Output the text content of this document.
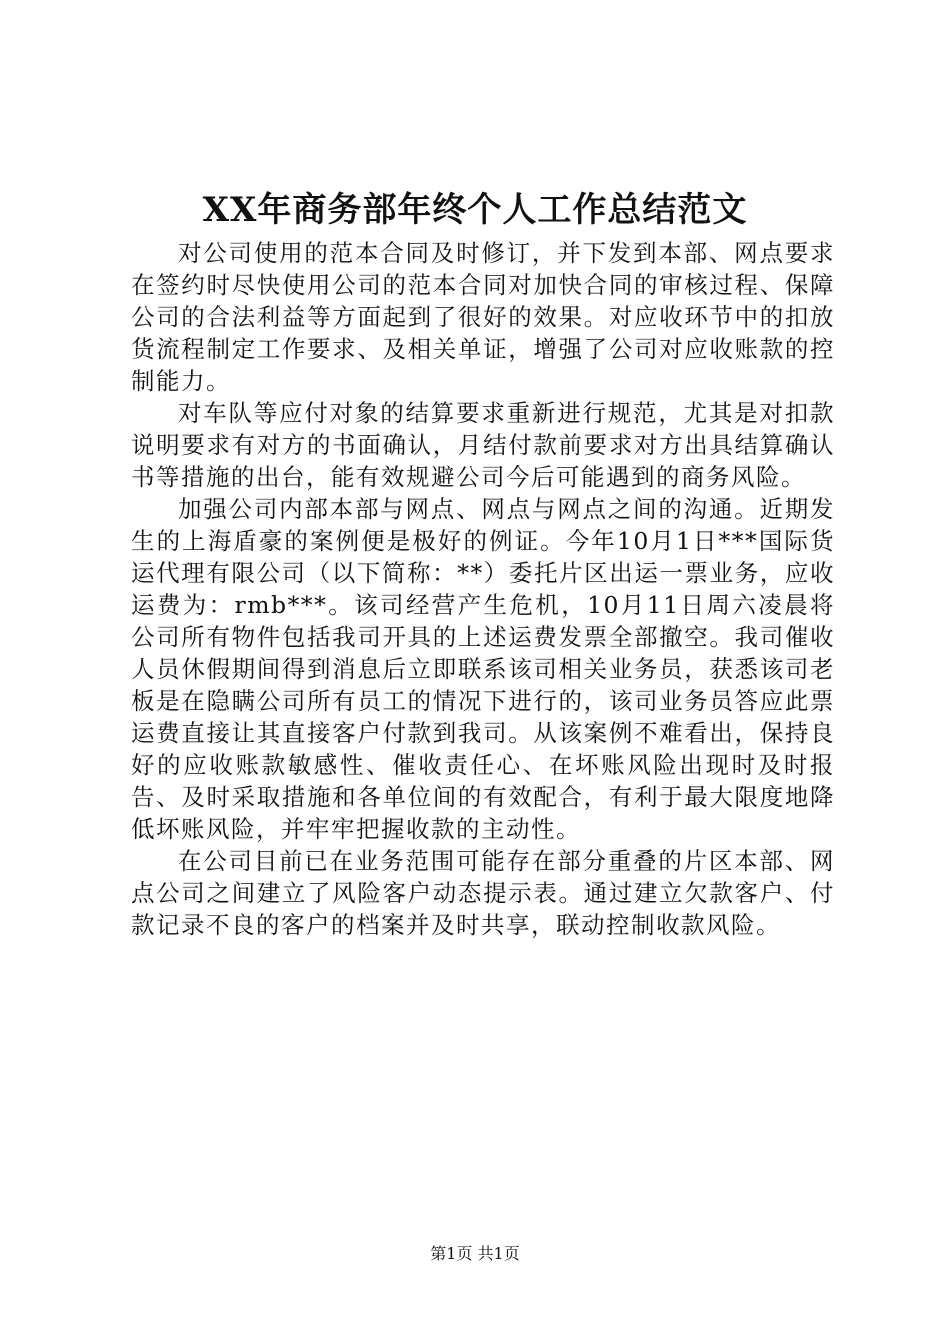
XX年商务部年终个人工作总结范文

对公司使用的范本合同及时修订，并下发到本部、网点要求在签约时尽快使用公司的范本合同对加快合同的审核过程、保障公司的合法利益等方面起到了很好的效果。对应收环节中的扣放货流程制定工作要求、及相关单证，增强了公司对应收账款的控制能力。

对车队等应付对象的结算要求重新进行规范，尤其是对扣款说明要求有对方的书面确认，月结付款前要求对方出具结算确认书等措施的出台，能有效规避公司今后可能遇到的商务风险。

加强公司内部本部与网点、网点与网点之间的沟通。近期发生的上海盾豪的案例便是极好的例证。今年10月1日***国际货运代理有限公司（以下简称：**）委托片区出运一票业务，应收运费为：rmb***。该司经营产生危机，10月11日周六凌晨将公司所有物件包括我司开具的上述运费发票全部撤空。我司催收人员休假期间得到消息后立即联系该司相关业务员，获悉该司老板是在隐瞒公司所有员工的情况下进行的，该司业务员答应此票运费直接让其直接客户付款到我司。从该案例不难看出，保持良好的应收账款敏感性、催收责任心、在坏账风险出现时及时报告、及时采取措施和各单位间的有效配合，有利于最大限度地降低坏账风险，并牢牢把握收款的主动性。

在公司目前已在业务范围可能存在部分重叠的片区本部、网点公司之间建立了风险客户动态提示表。通过建立欠款客户、付款记录不良的客户的档案并及时共享，联动控制收款风险。

第1页 共1页
